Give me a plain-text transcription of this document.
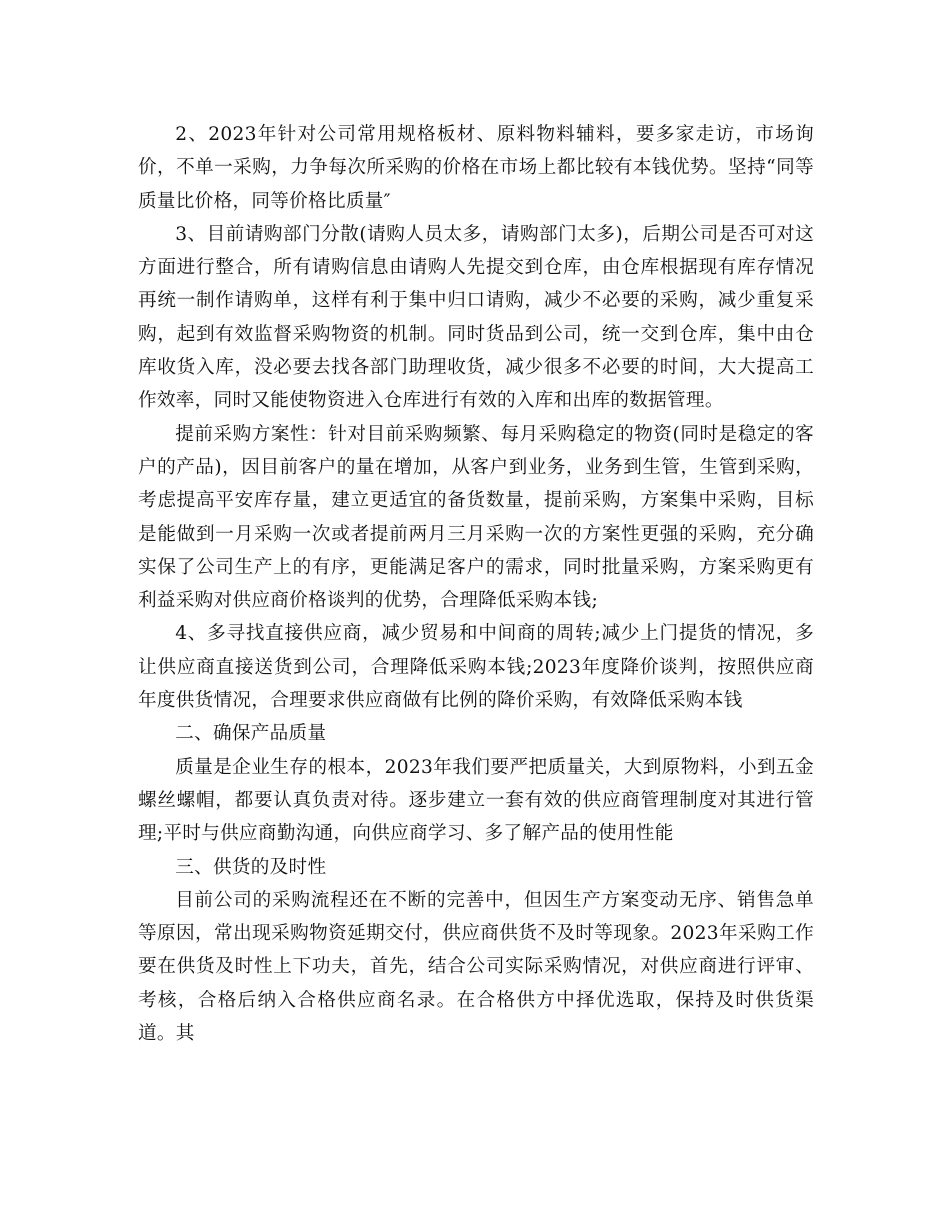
2、2023年针对公司常用规格板材、原料物料辅料，要多家走访，市场询价，不单一采购，力争每次所采购的价格在市场上都比较有本钱优势。坚持“同等质量比价格，同等价格比质量″

3、目前请购部门分散(请购人员太多，请购部门太多)，后期公司是否可对这方面进行整合，所有请购信息由请购人先提交到仓库，由仓库根据现有库存情况再统一制作请购单，这样有利于集中归口请购，减少不必要的采购，减少重复采购，起到有效监督采购物资的机制。同时货品到公司，统一交到仓库，集中由仓库收货入库，没必要去找各部门助理收货，减少很多不必要的时间，大大提高工作效率，同时又能使物资进入仓库进行有效的入库和出库的数据管理。

提前采购方案性：针对目前采购频繁、每月采购稳定的物资(同时是稳定的客户的产品)，因目前客户的量在增加，从客户到业务，业务到生管，生管到采购，考虑提高平安库存量，建立更适宜的备货数量，提前采购，方案集中采购，目标是能做到一月采购一次或者提前两月三月采购一次的方案性更强的采购，充分确实保了公司生产上的有序，更能满足客户的需求，同时批量采购，方案采购更有利益采购对供应商价格谈判的优势，合理降低采购本钱;

4、多寻找直接供应商，减少贸易和中间商的周转;减少上门提货的情况，多让供应商直接送货到公司，合理降低采购本钱;2023年度降价谈判，按照供应商年度供货情况，合理要求供应商做有比例的降价采购，有效降低采购本钱

二、确保产品质量

质量是企业生存的根本，2023年我们要严把质量关，大到原物料，小到五金螺丝螺帽，都要认真负责对待。逐步建立一套有效的供应商管理制度对其进行管理;平时与供应商勤沟通，向供应商学习、多了解产品的使用性能

三、供货的及时性

目前公司的采购流程还在不断的完善中，但因生产方案变动无序、销售急单等原因，常出现采购物资延期交付，供应商供货不及时等现象。2023年采购工作要在供货及时性上下功夫，首先，结合公司实际采购情况，对供应商进行评审、考核，合格后纳入合格供应商名录。在合格供方中择优选取，保持及时供货渠道。其
